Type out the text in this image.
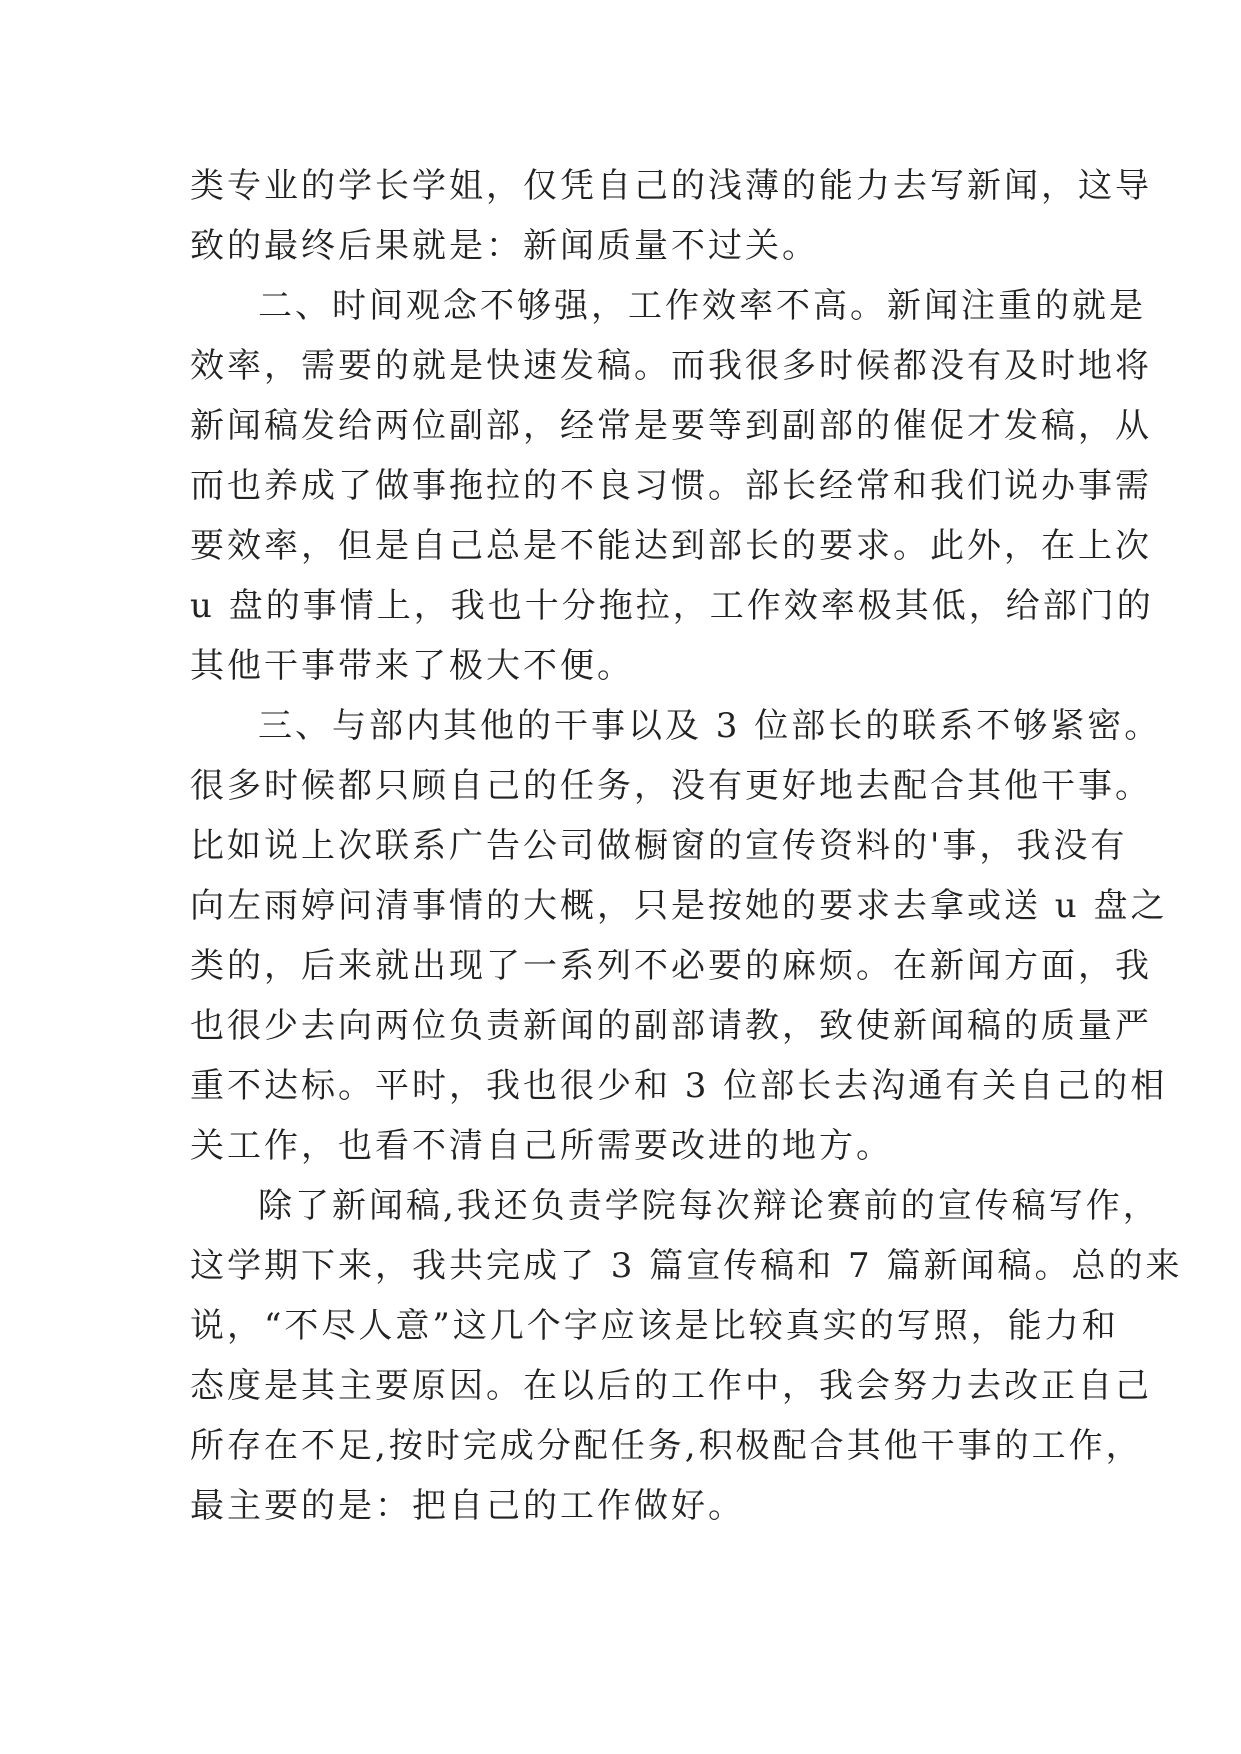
类专业的学长学姐，仅凭自己的浅薄的能力去写新闻，这导
致的最终后果就是：新闻质量不过关。
二、时间观念不够强，工作效率不高。新闻注重的就是
效率，需要的就是快速发稿。而我很多时候都没有及时地将
新闻稿发给两位副部，经常是要等到副部的催促才发稿，从
而也养成了做事拖拉的不良习惯。部长经常和我们说办事需
要效率，但是自己总是不能达到部长的要求。此外，在上次
u 盘的事情上，我也十分拖拉，工作效率极其低，给部门的
其他干事带来了极大不便。
三、与部内其他的干事以及 3 位部长的联系不够紧密。
很多时候都只顾自己的任务，没有更好地去配合其他干事。
比如说上次联系广告公司做橱窗的宣传资料的'事，我没有
向左雨婷问清事情的大概，只是按她的要求去拿或送 u 盘之
类的，后来就出现了一系列不必要的麻烦。在新闻方面，我
也很少去向两位负责新闻的副部请教，致使新闻稿的质量严
重不达标。平时，我也很少和 3 位部长去沟通有关自己的相
关工作，也看不清自己所需要改进的地方。
除了新闻稿,我还负责学院每次辩论赛前的宣传稿写作，
这学期下来，我共完成了 3 篇宣传稿和 7 篇新闻稿。总的来
说，“不尽人意”这几个字应该是比较真实的写照，能力和
态度是其主要原因。在以后的工作中，我会努力去改正自己
所存在不足,按时完成分配任务,积极配合其他干事的工作，
最主要的是：把自己的工作做好。
